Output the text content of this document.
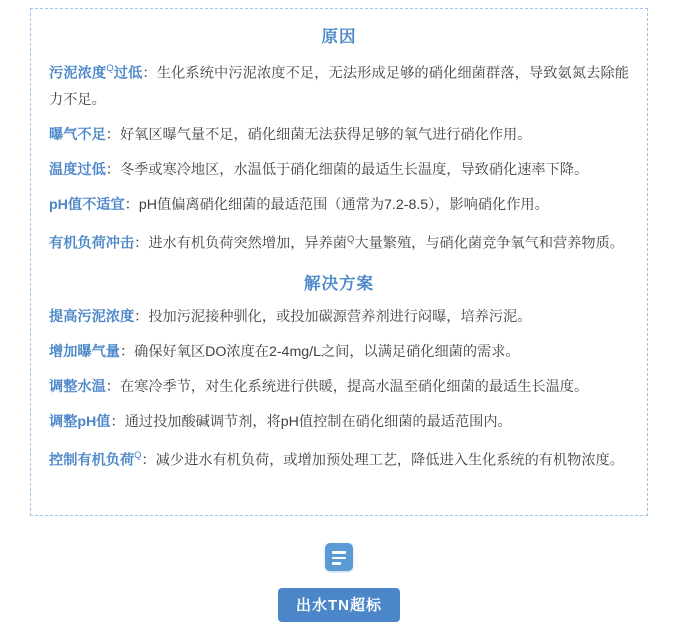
原因

污泥浓度$^Q$过低：生化系统中污泥浓度不足，无法形成足够的硝化细菌群落，导致氨氮去除能力不足。

曝气不足：好氧区曝气量不足，硝化细菌无法获得足够的氧气进行硝化作用。

温度过低：冬季或寒冷地区，水温低于硝化细菌的最适生长温度，导致硝化速率下降。

pH值不适宜：pH值偏离硝化细菌的最适范围（通常为7.2-8.5），影响硝化作用。

有机负荷冲击：进水有机负荷突然增加，异养菌$^Q$大量繁殖，与硝化菌竞争氧气和营养物质。

解决方案

提高污泥浓度：投加污泥接种驯化，或投加碳源营养剂进行闷曝，培养污泥。

增加曝气量：确保好氧区DO浓度在2-4mg/L之间，以满足硝化细菌的需求。

调整水温：在寒冷季节，对生化系统进行供暖，提高水温至硝化细菌的最适生长温度。

调整pH值：通过投加酸碱调节剂，将pH值控制在硝化细菌的最适范围内。

控制有机负荷$^Q$：减少进水有机负荷，或增加预处理工艺，降低进入生化系统的有机物浓度。

出水TN超标
